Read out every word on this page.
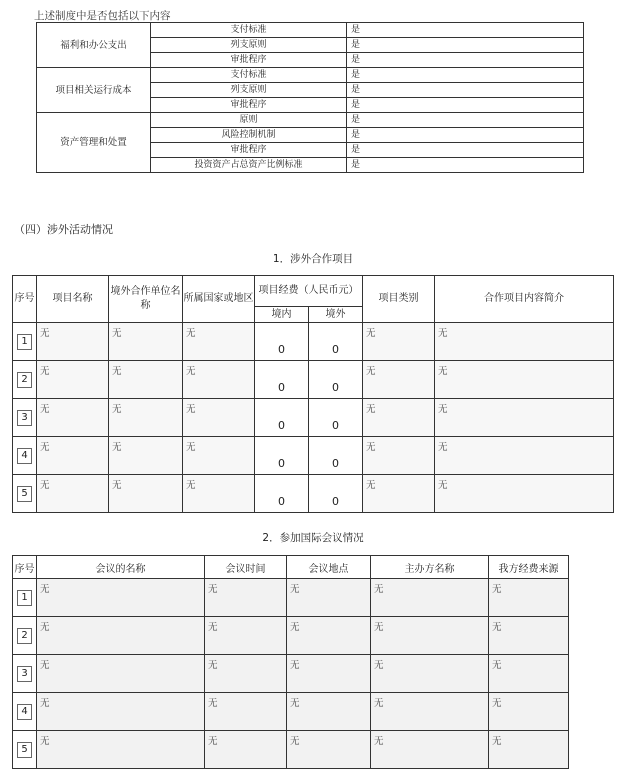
上述制度中是否包括以下内容
福利和办公支出	支付标准	是
	列支原则	是
	审批程序	是
项目相关运行成本	支付标准	是
	列支原则	是
	审批程序	是
资产管理和处置	原则	是
	风险控制机制	是
	审批程序	是
	投资资产占总资产比例标准	是
（四）涉外活动情况
1．涉外合作项目
序号	项目名称	境外合作单位名称	所属国家或地区	项目经费（人民币元）		项目类别	合作项目内容简介
				境内	境外		
1	无	无	无	0	0	无	无

2	无	无	无	0	0	无	无

3	无	无	无	0	0	无	无

4	无	无	无	0	0	无	无

5	无	无	无	0	0	无	无
2．参加国际会议情况
序号	会议的名称	会议时间	会议地点	主办方名称	我方经费来源
1	无	无	无	无	无

2	无	无	无	无	无

3	无	无	无	无	无

4	无	无	无	无	无

5	无	无	无	无	无
